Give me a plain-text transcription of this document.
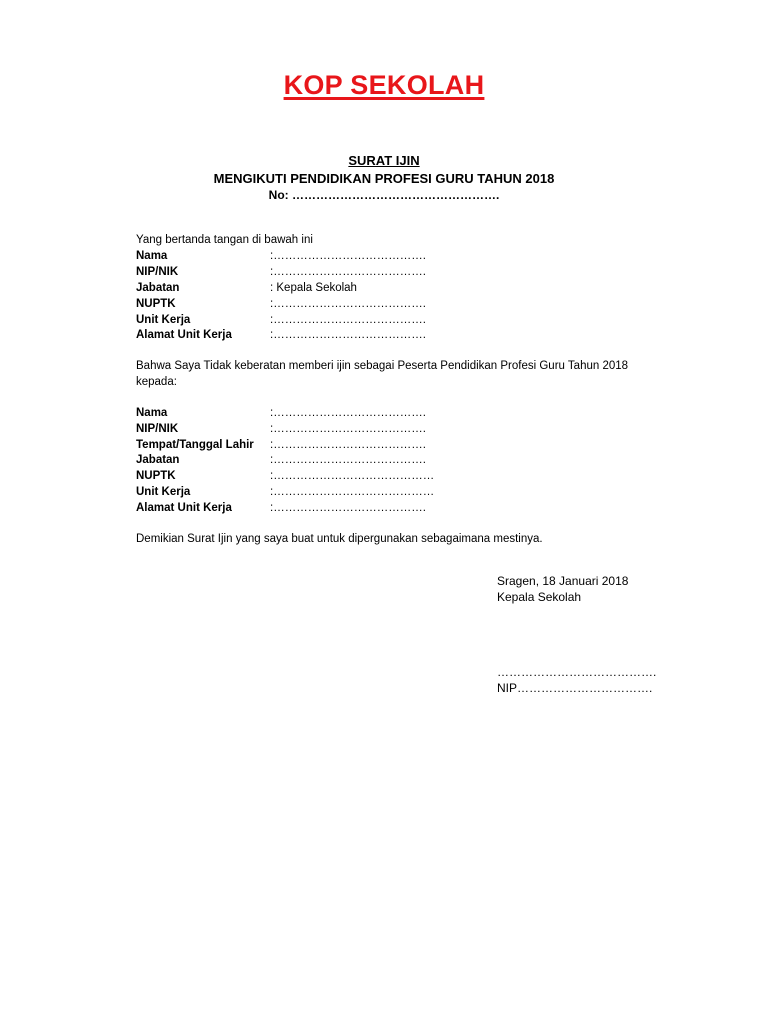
KOP SEKOLAH
SURAT IJIN
MENGIKUTI PENDIDIKAN PROFESI GURU TAHUN 2018
No: …………………………………………….
Yang bertanda tangan di bawah ini
Nama	:………………………………….
NIP/NIK	:………………………………….
Jabatan	: Kepala Sekolah
NUPTK	:………………………………….
Unit Kerja	:………………………………….
Alamat Unit Kerja	:………………………………….
Bahwa Saya Tidak keberatan memberi ijin sebagai Peserta Pendidikan Profesi Guru Tahun 2018
kepada:
Nama	:………………………………….
NIP/NIK	:………………………………….
Tempat/Tanggal Lahir :………………………………….
Jabatan	:………………………………….
NUPTK	:……………………………………
Unit Kerja	:……………………………………
Alamat Unit Kerja	:………………………………….
Demikian Surat Ijin yang saya buat untuk dipergunakan sebagaimana mestinya.
Sragen, 18 Januari 2018
Kepala Sekolah
………………………………….
NIP…………………………….
